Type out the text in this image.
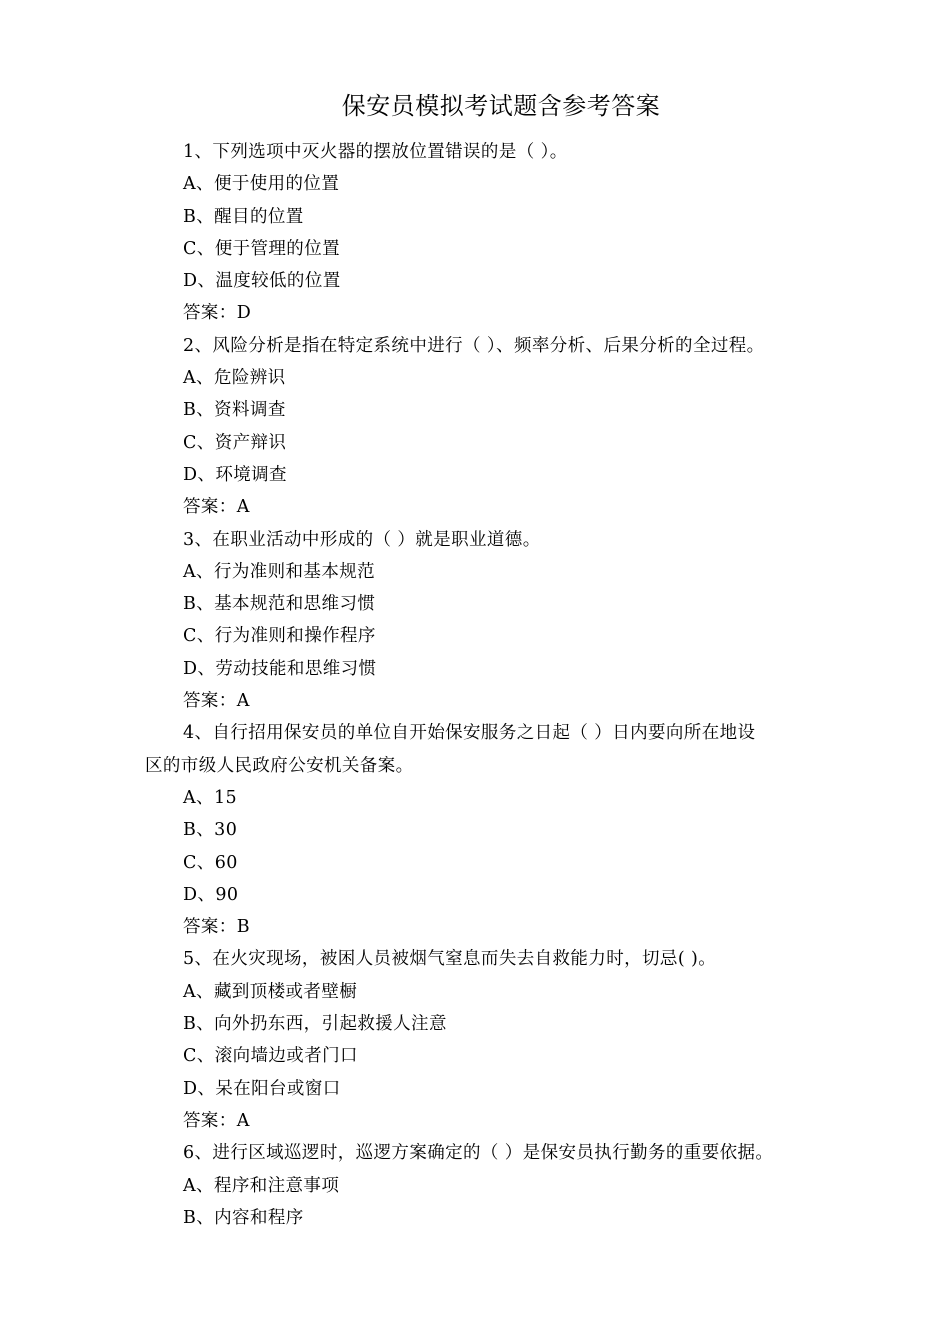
保安员模拟考试题含参考答案
1、下列选项中灭火器的摆放位置错误的是（ ）。
A、便于使用的位置
B、醒目的位置
C、便于管理的位置
D、温度较低的位置
答案：D
2、风险分析是指在特定系统中进行（ ）、频率分析、后果分析的全过程。
A、危险辨识
B、资料调查
C、资产辩识
D、环境调查
答案：A
3、在职业活动中形成的（ ）就是职业道德。
A、行为准则和基本规范
B、基本规范和思维习惯
C、行为准则和操作程序
D、劳动技能和思维习惯
答案：A
4、自行招用保安员的单位自开始保安服务之日起（ ）日内要向所在地设
区的市级人民政府公安机关备案。
A、15
B、30
C、60
D、90
答案：B
5、在火灾现场，被困人员被烟气窒息而失去自救能力时，切忌( )。
A、藏到顶楼或者壁橱
B、向外扔东西，引起救援人注意
C、滚向墙边或者门口
D、呆在阳台或窗口
答案：A
6、进行区域巡逻时，巡逻方案确定的（ ）是保安员执行勤务的重要依据。
A、程序和注意事项
B、内容和程序
